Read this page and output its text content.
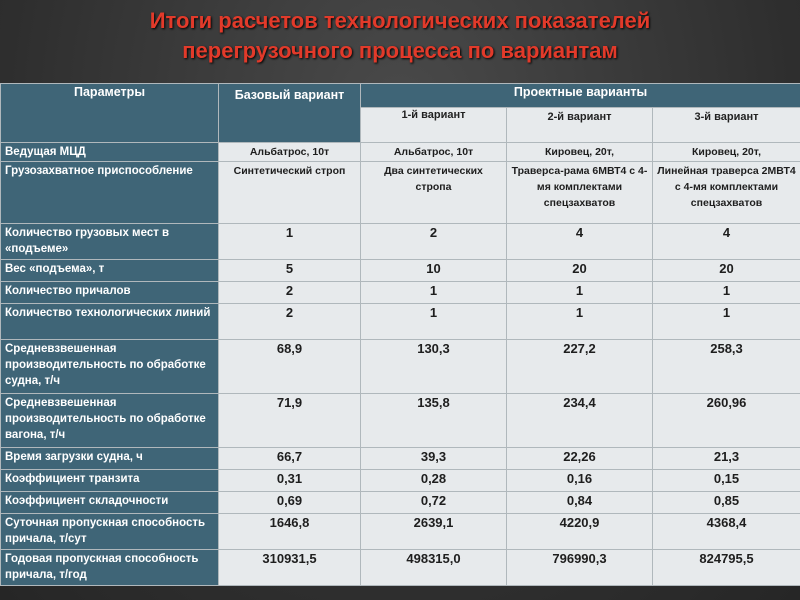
Итоги расчетов технологических показателей
перегрузочного процесса по вариантам
Параметры	Базовый вариант	Проектные варианты		
		1-й вариант	2-й вариант	3-й вариант
Ведущая МЦД	Альбатрос, 10т	Альбатрос, 10т	Кировец, 20т,	Кировец, 20т,
Грузозахватное приспособление	Синтетический строп	Два синтетических стропа	Траверса-рама 6МВТ4 с 4-мя комплектами спецзахватов	Линейная траверса 2МВТ4 с 4-мя комплектами спецзахватов
Количество грузовых мест в «подъеме»	1	2	4	4
Вес «подъема», т	5	10	20	20
Количество причалов	2	1	1	1
Количество технологических линий	2	1	1	1
Средневзвешенная производительность по обработке судна, т/ч	68,9	130,3	227,2	258,3
Средневзвешенная производительность по обработке вагона, т/ч	71,9	135,8	234,4	260,96
Время загрузки судна, ч	66,7	39,3	22,26	21,3
Коэффициент транзита	0,31	0,28	0,16	0,15
Коэффициент складочности	0,69	0,72	0,84	0,85
Суточная пропускная способность причала, т/сут	1646,8	2639,1	4220,9	4368,4
Годовая пропускная способность причала, т/год	310931,5	498315,0	796990,3	824795,5
